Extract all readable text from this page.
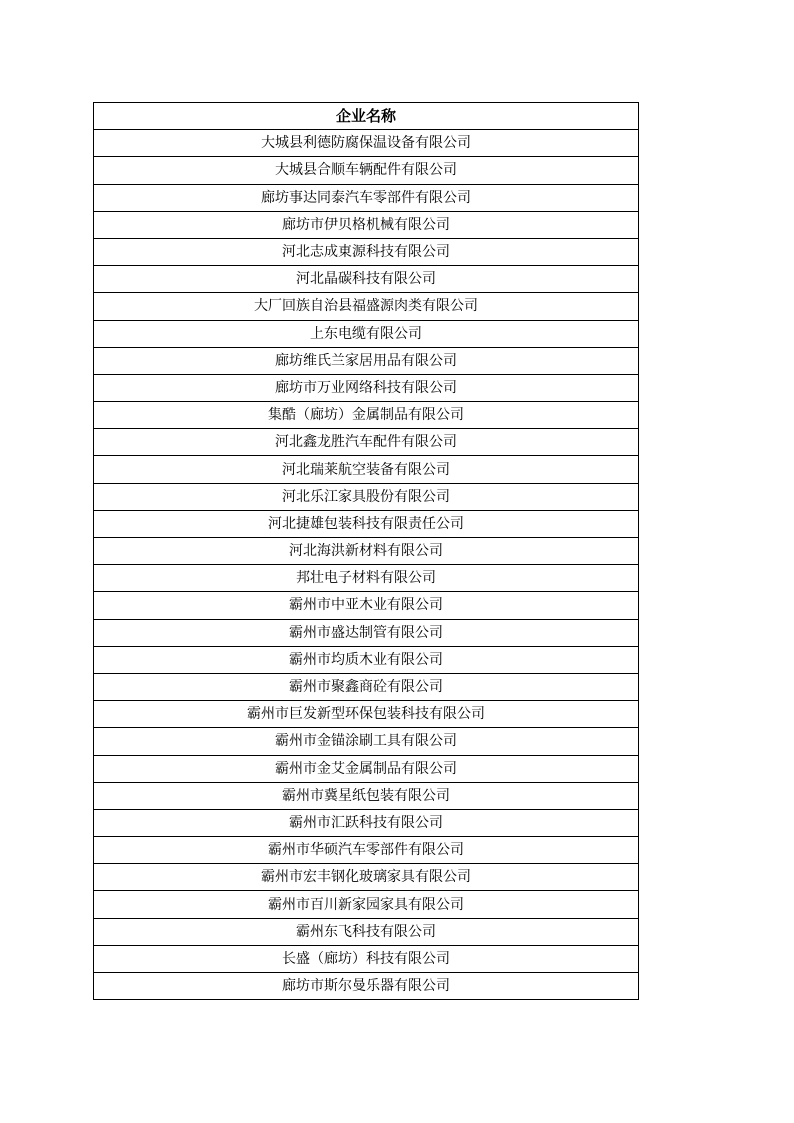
企业名称
大城县利德防腐保温设备有限公司
大城县合顺车辆配件有限公司
廊坊事达同泰汽车零部件有限公司
廊坊市伊贝格机械有限公司
河北志成東源科技有限公司
河北晶碳科技有限公司
大厂回族自治县福盛源肉类有限公司
上东电缆有限公司
廊坊维氏兰家居用品有限公司
廊坊市万业网络科技有限公司
集酷（廊坊）金属制品有限公司
河北鑫龙胜汽车配件有限公司
河北瑞莱航空装备有限公司
河北乐江家具股份有限公司
河北捷雄包装科技有限责任公司
河北海洪新材料有限公司
邦壮电子材料有限公司
霸州市中亚木业有限公司
霸州市盛达制管有限公司
霸州市均质木业有限公司
霸州市聚鑫商砼有限公司
霸州市巨发新型环保包装科技有限公司
霸州市金锚涂刷工具有限公司
霸州市金艾金属制品有限公司
霸州市冀星纸包装有限公司
霸州市汇跃科技有限公司
霸州市华硕汽车零部件有限公司
霸州市宏丰钢化玻璃家具有限公司
霸州市百川新家园家具有限公司
霸州东飞科技有限公司
长盛（廊坊）科技有限公司
廊坊市斯尔曼乐器有限公司
